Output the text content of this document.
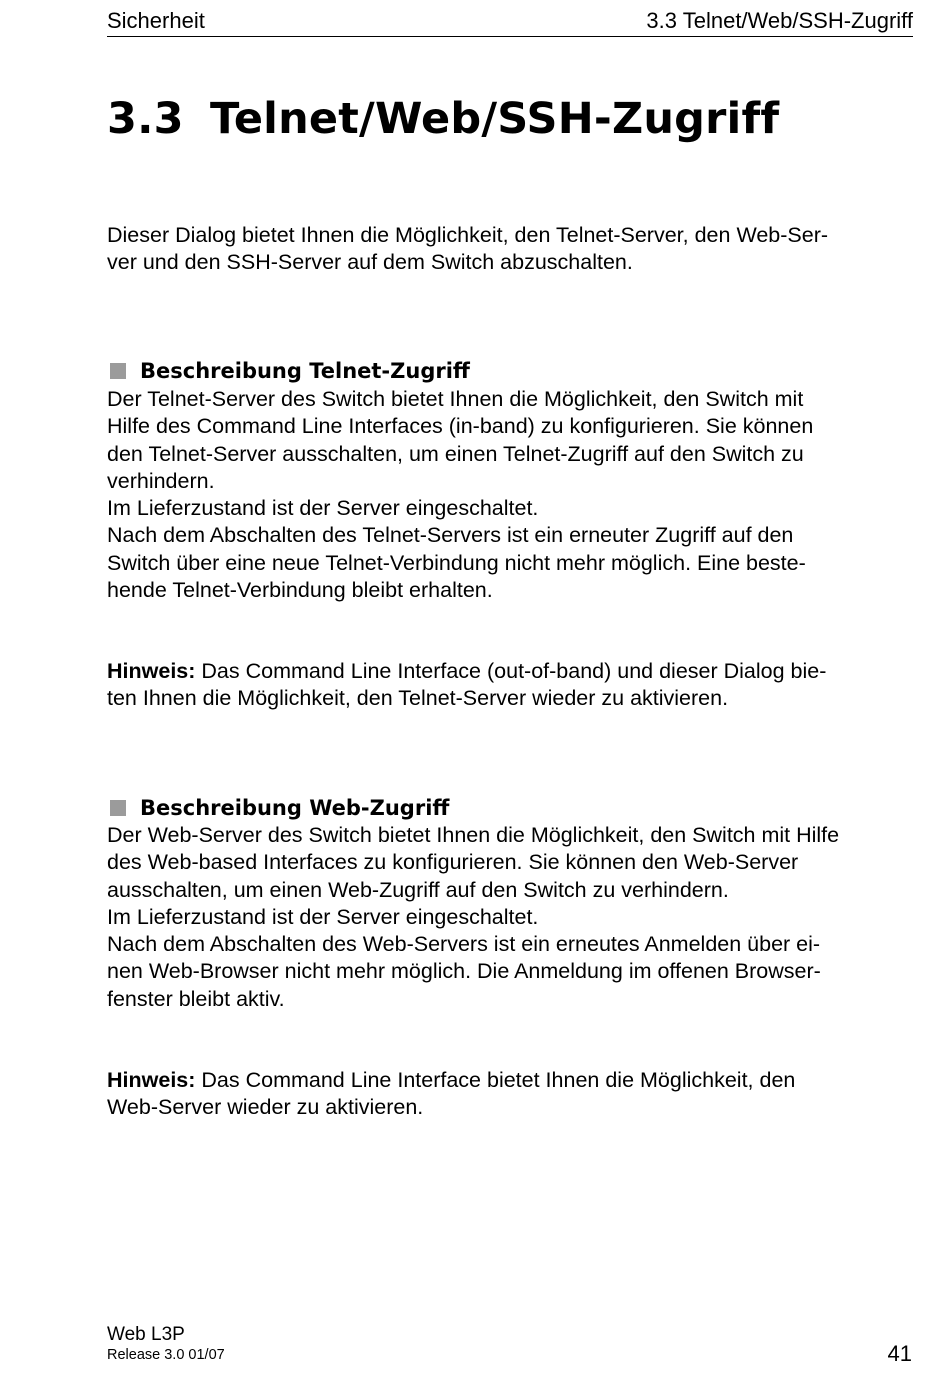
Sicherheit	3.3 Telnet/Web/SSH-Zugriff
3.3 Telnet/Web/SSH-Zugriff

Dieser Dialog bietet Ihnen die Möglichkeit, den Telnet-Server, den Web-Ser-
ver und den SSH-Server auf dem Switch abzuschalten.

Beschreibung Telnet-Zugriff

Der Telnet-Server des Switch bietet Ihnen die Möglichkeit, den Switch mit
Hilfe des Command Line Interfaces (in-band) zu konfigurieren. Sie können
den Telnet-Server ausschalten, um einen Telnet-Zugriff auf den Switch zu
verhindern.
Im Lieferzustand ist der Server eingeschaltet.
Nach dem Abschalten des Telnet-Servers ist ein erneuter Zugriff auf den
Switch über eine neue Telnet-Verbindung nicht mehr möglich. Eine beste-
hende Telnet-Verbindung bleibt erhalten.

Hinweis: Das Command Line Interface (out-of-band) und dieser Dialog bie-
ten Ihnen die Möglichkeit, den Telnet-Server wieder zu aktivieren.

Beschreibung Web-Zugriff

Der Web-Server des Switch bietet Ihnen die Möglichkeit, den Switch mit Hilfe
des Web-based Interfaces zu konfigurieren. Sie können den Web-Server
ausschalten, um einen Web-Zugriff auf den Switch zu verhindern.
Im Lieferzustand ist der Server eingeschaltet.
Nach dem Abschalten des Web-Servers ist ein erneutes Anmelden über ei-
nen Web-Browser nicht mehr möglich. Die Anmeldung im offenen Browser-
fenster bleibt aktiv.

Hinweis: Das Command Line Interface bietet Ihnen die Möglichkeit, den
Web-Server wieder zu aktivieren.

Web L3P
Release 3.0 01/07	41
